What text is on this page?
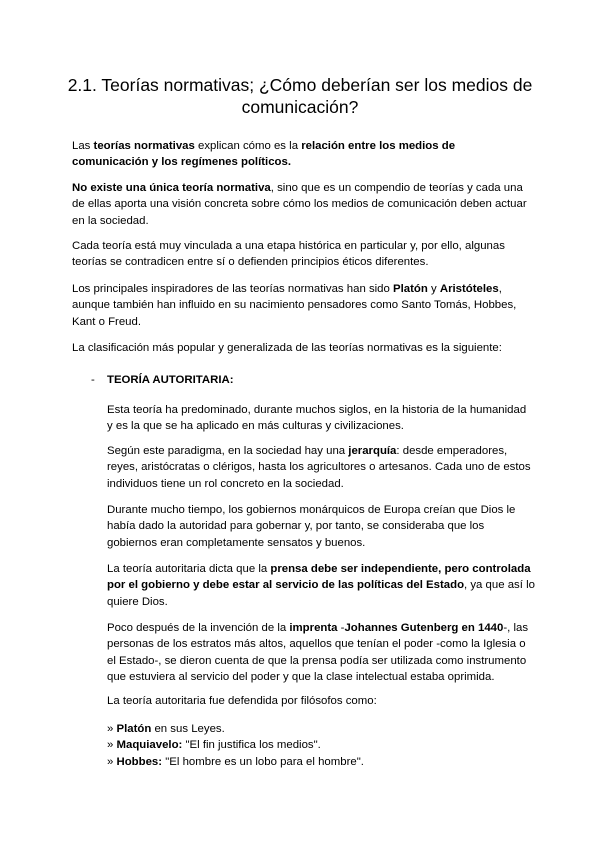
2.1. Teorías normativas; ¿Cómo deberían ser los medios de comunicación?

Las teorías normativas explican cómo es la relación entre los medios de comunicación y los regímenes políticos.

No existe una única teoría normativa, sino que es un compendio de teorías y cada una de ellas aporta una visión concreta sobre cómo los medios de comunicación deben actuar en la sociedad.

Cada teoría está muy vinculada a una etapa histórica en particular y, por ello, algunas teorías se contradicen entre sí o defienden principios éticos diferentes.

Los principales inspiradores de las teorías normativas han sido Platón y Aristóteles, aunque también han influido en su nacimiento pensadores como Santo Tomás, Hobbes, Kant o Freud.

La clasificación más popular y generalizada de las teorías normativas es la siguiente:

- TEORÍA AUTORITARIA:

Esta teoría ha predominado, durante muchos siglos, en la historia de la humanidad y es la que se ha aplicado en más culturas y civilizaciones.

Según este paradigma, en la sociedad hay una jerarquía: desde emperadores, reyes, aristócratas o clérigos, hasta los agricultores o artesanos. Cada uno de estos individuos tiene un rol concreto en la sociedad.

Durante mucho tiempo, los gobiernos monárquicos de Europa creían que Dios le había dado la autoridad para gobernar y, por tanto, se consideraba que los gobiernos eran completamente sensatos y buenos.

La teoría autoritaria dicta que la prensa debe ser independiente, pero controlada por el gobierno y debe estar al servicio de las políticas del Estado, ya que así lo quiere Dios.

Poco después de la invención de la imprenta -Johannes Gutenberg en 1440-, las personas de los estratos más altos, aquellos que tenían el poder -como la Iglesia o el Estado-, se dieron cuenta de que la prensa podía ser utilizada como instrumento que estuviera al servicio del poder y que la clase intelectual estaba oprimida.

La teoría autoritaria fue defendida por filósofos como:

» Platón en sus Leyes.
» Maquiavelo: "El fin justifica los medios".
» Hobbes: "El hombre es un lobo para el hombre".
